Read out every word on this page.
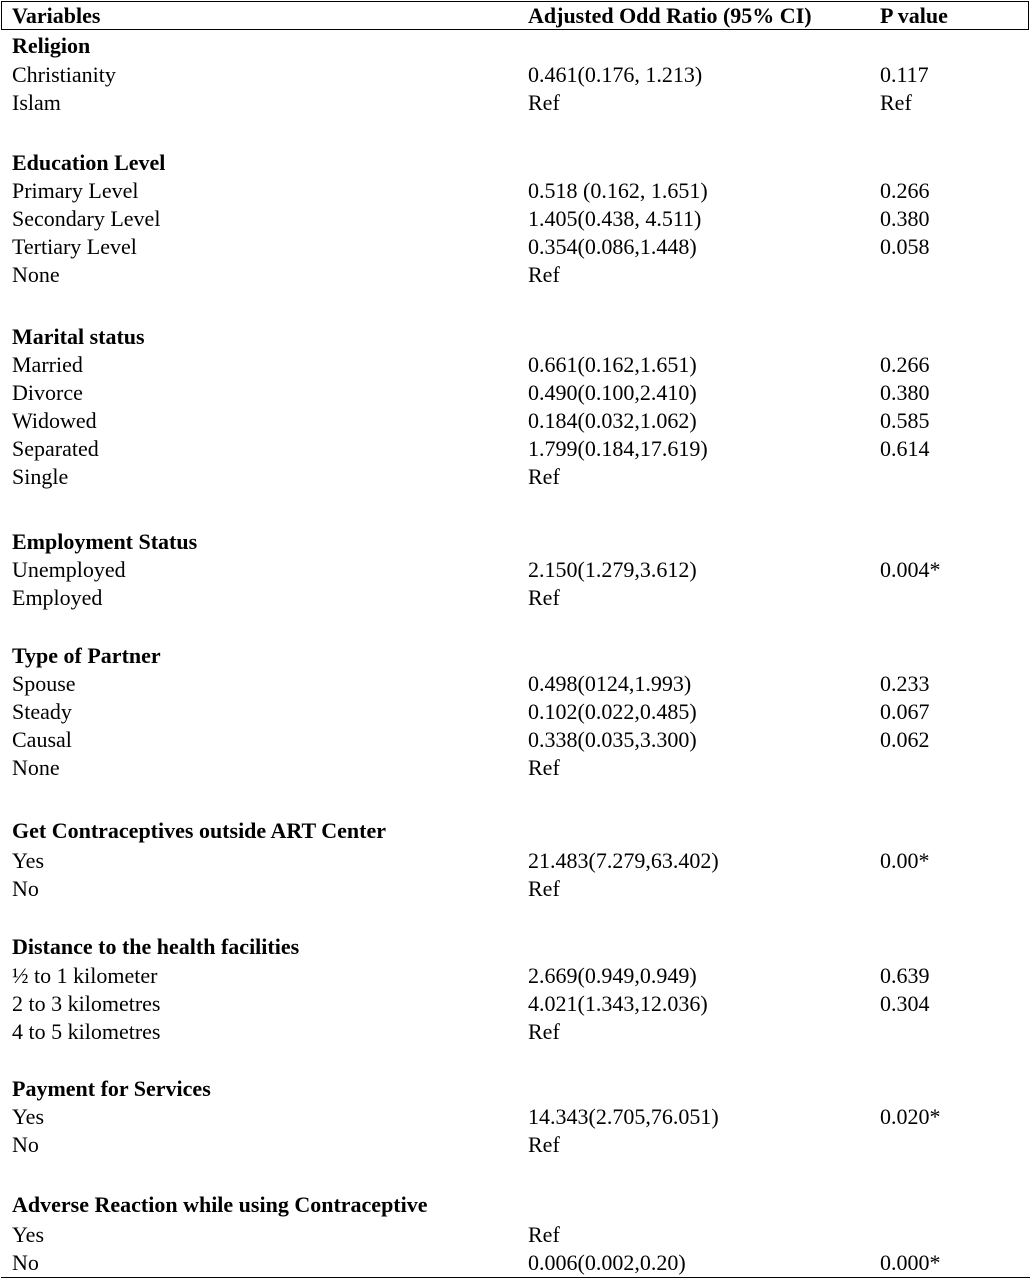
Variables	Adjusted Odd Ratio (95% CI)	P value
Religion
Christianity	0.461(0.176, 1.213)	0.117
Islam	Ref	Ref
Education Level
Primary Level	0.518 (0.162, 1.651)	0.266
Secondary Level	1.405(0.438, 4.511)	0.380
Tertiary Level	0.354(0.086,1.448)	0.058
None	Ref
Marital status
Married	0.661(0.162,1.651)	0.266
Divorce	0.490(0.100,2.410)	0.380
Widowed	0.184(0.032,1.062)	0.585
Separated	1.799(0.184,17.619)	0.614
Single	Ref
Employment Status
Unemployed	2.150(1.279,3.612)	0.004*
Employed	Ref
Type of Partner
Spouse	0.498(0124,1.993)	0.233
Steady	0.102(0.022,0.485)	0.067
Causal	0.338(0.035,3.300)	0.062
None	Ref
Get Contraceptives outside ART Center
Yes	21.483(7.279,63.402)	0.00*
No	Ref
Distance to the health facilities
½ to 1 kilometer	2.669(0.949,0.949)	0.639
2 to 3 kilometres	4.021(1.343,12.036)	0.304
4 to 5 kilometres	Ref
Payment for Services
Yes	14.343(2.705,76.051)	0.020*
No	Ref
Adverse Reaction while using Contraceptive
Yes	Ref
No	0.006(0.002,0.20)	0.000*
